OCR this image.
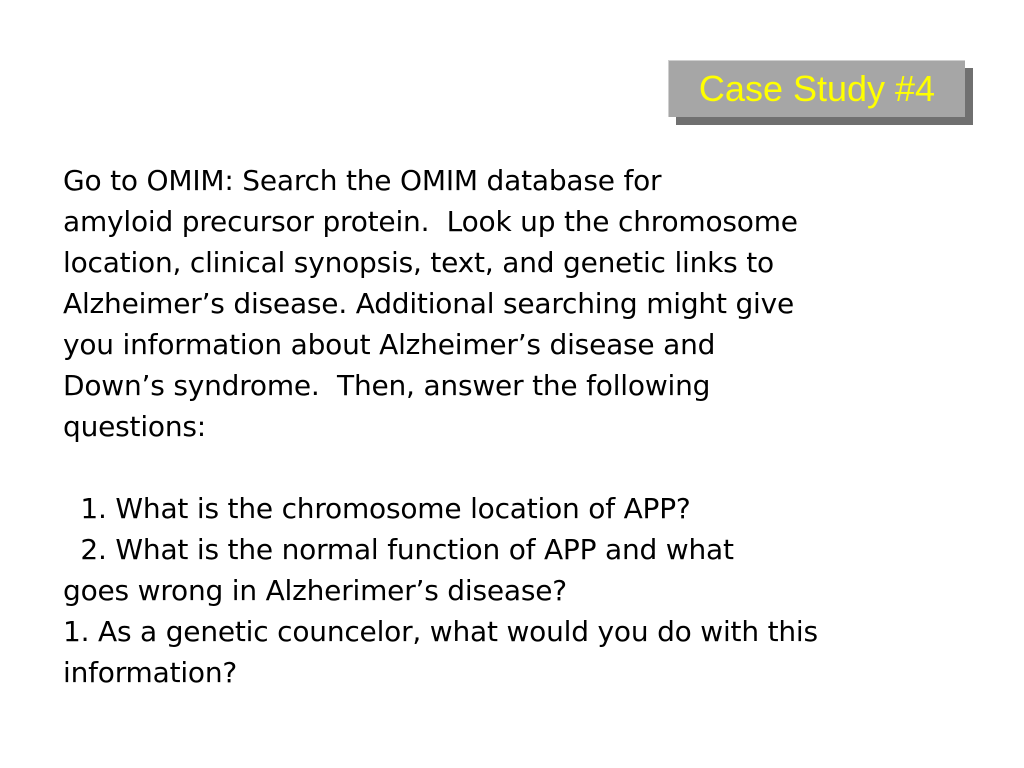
Case Study #4
Go to OMIM: Search the OMIM database for
amyloid precursor protein.  Look up the chromosome
location, clinical synopsis, text, and genetic links to
Alzheimer’s disease. Additional searching might give
you information about Alzheimer’s disease and
Down’s syndrome.  Then, answer the following
questions:
1. What is the chromosome location of APP?
2. What is the normal function of APP and what
goes wrong in Alzherimer’s disease?
1. As a genetic councelor, what would you do with this
information?
